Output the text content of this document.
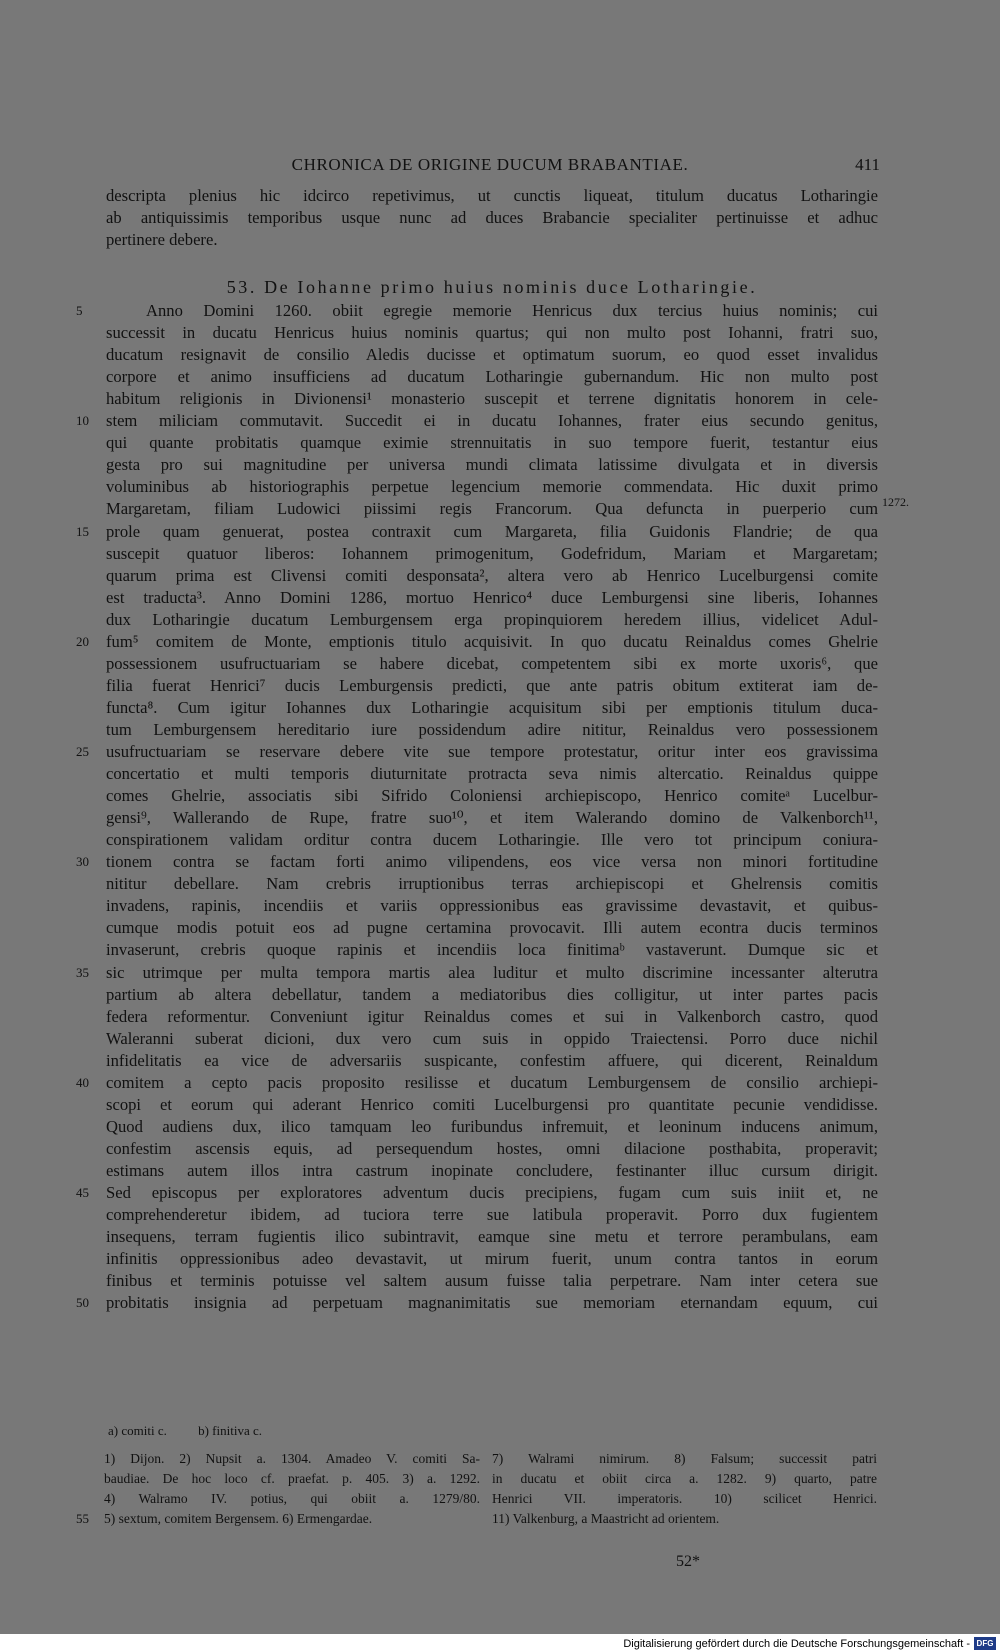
CHRONICA DE ORIGINE DUCUM BRABANTIAE.	411
descripta plenius hic idcirco repetivimus, ut cunctis liqueat, titulum ducatus Lotharingie
ab antiquissimis temporibus usque nunc ad duces Brabancie specialiter pertinuisse et adhuc
pertinere debere.
53. De Iohanne primo huius nominis duce Lotharingie.
5	Anno Domini 1260. obiit egregie memorie Henricus dux tercius huius nominis; cui
successit in ducatu Henricus huius nominis quartus; qui non multo post Iohanni, fratri suo,
ducatum resignavit de consilio Aledis ducisse et optimatum suorum, eo quod esset invalidus
corpore et animo insufficiens ad ducatum Lotharingie gubernandum. Hic non multo post
habitum religionis in Divionensi¹ monasterio suscepit et terrene dignitatis honorem in cele-
10	stem miliciam commutavit. Succedit ei in ducatu Iohannes, frater eius secundo genitus,
qui quante probitatis quamque eximie strennuitatis in suo tempore fuerit, testantur eius
gesta pro sui magnitudine per universa mundi climata latissime divulgata et in diversis
voluminibus ab historiographis perpetue legencium memorie commendata. Hic duxit primo
Margaretam, filiam Ludowici piissimi regis Francorum. Qua defuncta in puerperio cum
15	prole quam genuerat, postea contraxit cum Margareta, filia Guidonis Flandrie; de qua
suscepit quatuor liberos: Iohannem primogenitum, Godefridum, Mariam et Margaretam;
quarum prima est Clivensi comiti desponsata², altera vero ab Henrico Lucelburgensi comite
est traducta³. Anno Domini 1286, mortuo Henrico⁴ duce Lemburgensi sine liberis, Iohannes
dux Lotharingie ducatum Lemburgensem erga propinquiorem heredem illius, videlicet Adul-
20	fum⁵ comitem de Monte, emptionis titulo acquisivit. In quo ducatu Reinaldus comes Ghelrie
possessionem usufructuariam se habere dicebat, competentem sibi ex morte uxoris⁶, que
filia fuerat Henrici⁷ ducis Lemburgensis predicti, que ante patris obitum extiterat iam de-
functa⁸. Cum igitur Iohannes dux Lotharingie acquisitum sibi per emptionis titulum duca-
tum Lemburgensem hereditario iure possidendum adire nititur, Reinaldus vero possessionem
25	usufructuariam se reservare debere vite sue tempore protestatur, oritur inter eos gravissima
concertatio et multi temporis diuturnitate protracta seva nimis altercatio. Reinaldus quippe
comes Ghelrie, associatis sibi Sifrido Coloniensi archiepiscopo, Henrico comiteᵃ Lucelbur-
gensi⁹, Wallerando de Rupe, fratre suo¹⁰, et item Walerando domino de Valkenborch¹¹,
conspirationem validam orditur contra ducem Lotharingie. Ille vero tot principum coniura-
30	tionem contra se factam forti animo vilipendens, eos vice versa non minori fortitudine
nititur debellare. Nam crebris irruptionibus terras archiepiscopi et Ghelrensis comitis
invadens, rapinis, incendiis et variis oppressionibus eas gravissime devastavit, et quibus-
cumque modis potuit eos ad pugne certamina provocavit. Illi autem econtra ducis terminos
invaserunt, crebris quoque rapinis et incendiis loca finitimaᵇ vastaverunt. Dumque sic et
35	sic utrimque per multa tempora martis alea luditur et multo discrimine incessanter alterutra
partium ab altera debellatur, tandem a mediatoribus dies colligitur, ut inter partes pacis
federa reformentur. Conveniunt igitur Reinaldus comes et sui in Valkenborch castro, quod
Waleranni suberat dicioni, dux vero cum suis in oppido Traiectensi. Porro duce nichil
infidelitatis ea vice de adversariis suspicante, confestim affuere, qui dicerent, Reinaldum
40	comitem a cepto pacis proposito resilisse et ducatum Lemburgensem de consilio archiepi-
scopi et eorum qui aderant Henrico comiti Lucelburgensi pro quantitate pecunie vendidisse.
Quod audiens dux, ilico tamquam leo furibundus infremuit, et leoninum inducens animum,
confestim ascensis equis, ad persequendum hostes, omni dilacione posthabita, properavit;
estimans autem illos intra castrum inopinate concludere, festinanter illuc cursum dirigit.
45	Sed episcopus per exploratores adventum ducis precipiens, fugam cum suis iniit et, ne
comprehenderetur ibidem, ad tuciora terre sue latibula properavit. Porro dux fugientem
insequens, terram fugientis ilico subintravit, eamque sine metu et terrore perambulans, eam
infinitis oppressionibus adeo devastavit, ut mirum fuerit, unum contra tantos in eorum
finibus et terminis potuisse vel saltem ausum fuisse talia perpetrare. Nam inter cetera sue
50	probitatis insignia ad perpetuam magnanimitatis sue memoriam eternandam equum, cui
1272.
a) comiti c. b) finitiva c.
1) Dijon. 2) Nupsit a. 1304. Amadeo V. comiti Sa-
baudiae. De hoc loco cf. praefat. p. 405. 3) a. 1292.
4) Walramo IV. potius, qui obiit a. 1279/80.
5) sextum, comitem Bergensem. 6) Ermengardae.
7) Walrami nimirum. 8) Falsum; successit patri
in ducatu et obiit circa a. 1282. 9) quarto, patre
Henrici VII. imperatoris. 10) scilicet Henrici.
11) Valkenburg, a Maastricht ad orientem.
55
52*
Digitalisierung gefördert durch die Deutsche Forschungsgemeinschaft - DFG
